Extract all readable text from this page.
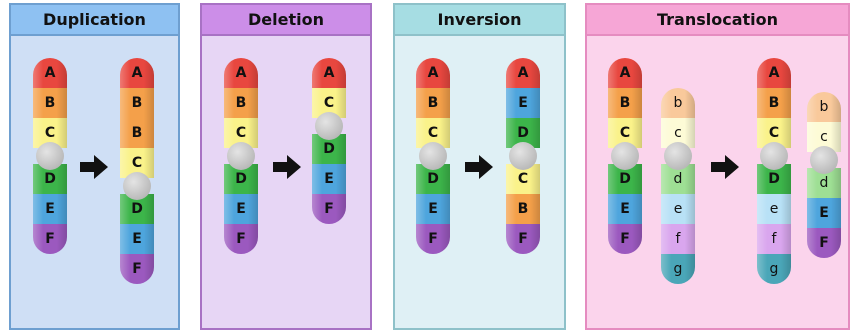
Duplication	Deletion	Inversion	Translocation
A
B
C
D
E
F
A
B
B
C
D
E
F
A
B
C
D
E
F
A
C
D
E
F
A
B
C
D
E
F
A
E
D
C
B
F
A
B
C
D
E
F
b
c
d
e
f
g
A
B
C
D
e
f
g
b
c
d
E
F
